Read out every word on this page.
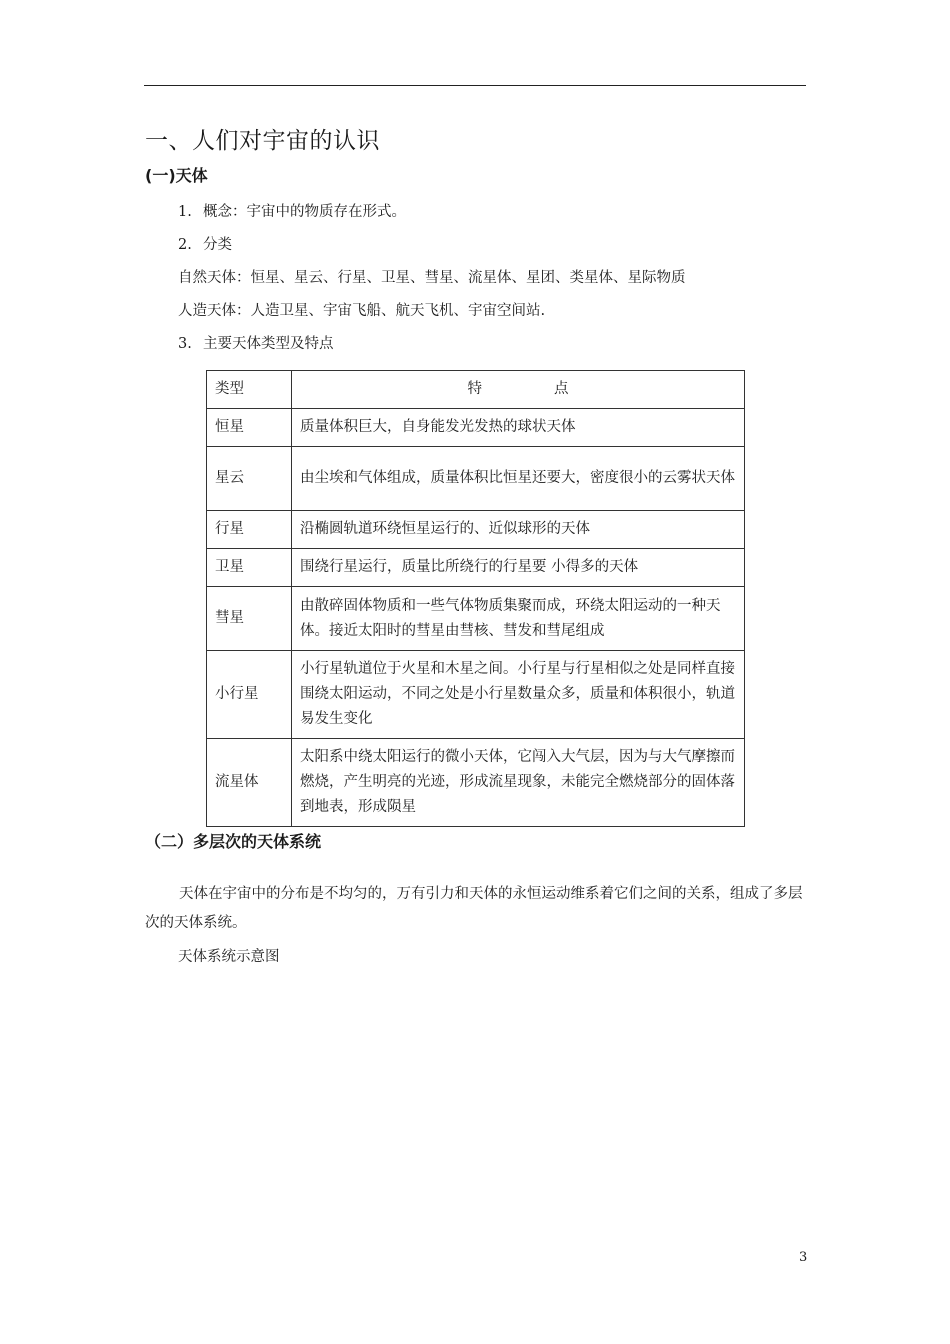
一、人们对宇宙的认识
(一)天体
1. 概念：宇宙中的物质存在形式。
2. 分类
自然天体：恒星、星云、行星、卫星、彗星、流星体、星团、类星体、星际物质
人造天体：人造卫星、宇宙飞船、航天飞机、宇宙空间站.
3. 主要天体类型及特点
类型	特 点
恒星	质量体积巨大，自身能发光发热的球状天体
星云	由尘埃和气体组成，质量体积比恒星还要大，密度很小的云雾状天体
行星	沿椭圆轨道环绕恒星运行的、近似球形的天体
卫星	围绕行星运行，质量比所绕行的行星要 小得多的天体
彗星	由散碎固体物质和一些气体物质集聚而成，环绕太阳运动的一种天体。接近太阳时的彗星由彗核、彗发和彗尾组成
小行星	小行星轨道位于火星和木星之间。小行星与行星相似之处是同样直接围绕太阳运动，不同之处是小行星数量众多，质量和体积很小，轨道易发生变化
流星体	太阳系中绕太阳运行的微小天体，它闯入大气层，因为与大气摩擦而燃烧，产生明亮的光迹，形成流星现象，未能完全燃烧部分的固体落到地表，形成陨星
（二）多层次的天体系统
天体在宇宙中的分布是不均匀的，万有引力和天体的永恒运动维系着它们之间的关系，组成了多层次的天体系统。
天体系统示意图
3
